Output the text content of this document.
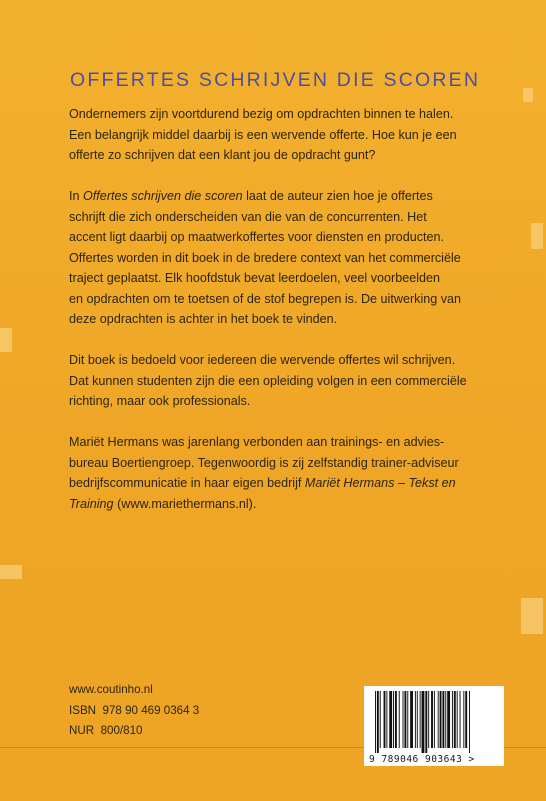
OFFERTES SCHRIJVEN DIE SCOREN

Ondernemers zijn voortdurend bezig om opdrachten binnen te halen.
Een belangrijk middel daarbij is een wervende offerte. Hoe kun je een
offerte zo schrijven dat een klant jou de opdracht gunt?

In Offertes schrijven die scoren laat de auteur zien hoe je offertes
schrijft die zich onderscheiden van die van de concurrenten. Het
accent ligt daarbij op maatwerkoffertes voor diensten en producten.
Offertes worden in dit boek in de bredere context van het commerciële
traject geplaatst. Elk hoofdstuk bevat leerdoelen, veel voorbeelden
en opdrachten om te toetsen of de stof begrepen is. De uitwerking van
deze opdrachten is achter in het boek te vinden.

Dit boek is bedoeld voor iedereen die wervende offertes wil schrijven.
Dat kunnen studenten zijn die een opleiding volgen in een commerciële
richting, maar ook professionals.

Mariët Hermans was jarenlang verbonden aan trainings- en advies-
bureau Boertiengroep. Tegenwoordig is zij zelfstandig trainer-adviseur
bedrijfscommunicatie in haar eigen bedrijf Mariët Hermans – Tekst en
Training (www.mariethermans.nl).

www.coutinho.nl
ISBN 978 90 469 0364 3
NUR 800/810
9 789046 903643 >
